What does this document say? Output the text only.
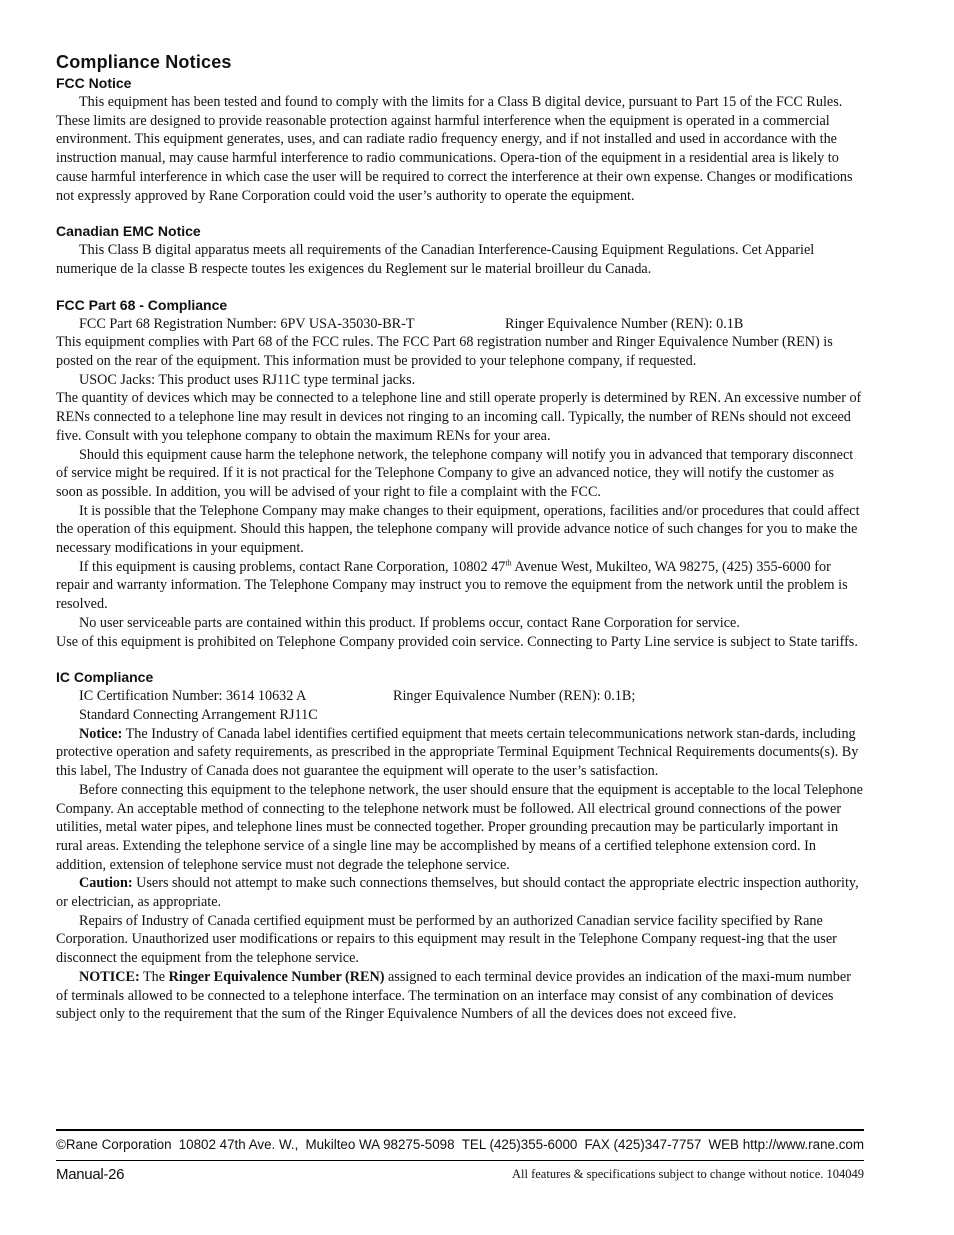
Compliance Notices
FCC Notice

This equipment has been tested and found to comply with the limits for a Class B digital device, pursuant to Part 15 of the FCC Rules. These limits are designed to provide reasonable protection against harmful interference when the equipment is operated in a commercial environment. This equipment generates, uses, and can radiate radio frequency energy, and if not installed and used in accordance with the instruction manual, may cause harmful interference to radio communications. Opera-tion of the equipment in a residential area is likely to cause harmful interference in which case the user will be required to correct the interference at their own expense. Changes or modifications not expressly approved by Rane Corporation could void the user’s authority to operate the equipment.

Canadian EMC Notice

This Class B digital apparatus meets all requirements of the Canadian Interference-Causing Equipment Regulations. Cet Appariel numerique de la classe B respecte toutes les exigences du Reglement sur le material broilleur du Canada.

FCC Part 68 - Compliance

FCC Part 68 Registration Number: 6PV USA-35030-BR-T	Ringer Equivalence Number (REN): 0.1B

This equipment complies with Part 68 of the FCC rules. The FCC Part 68 registration number and Ringer Equivalence Number (REN) is posted on the rear of the equipment. This information must be provided to your telephone company, if requested.

USOC Jacks: This product uses RJ11C type terminal jacks.

The quantity of devices which may be connected to a telephone line and still operate properly is determined by REN. An excessive number of RENs connected to a telephone line may result in devices not ringing to an incoming call. Typically, the number of RENs should not exceed five. Consult with you telephone company to obtain the maximum RENs for your area.

Should this equipment cause harm the telephone network, the telephone company will notify you in advanced that temporary disconnect of service might be required. If it is not practical for the Telephone Company to give an advanced notice, they will notify the customer as soon as possible. In addition, you will be advised of your right to file a complaint with the FCC.

It is possible that the Telephone Company may make changes to their equipment, operations, facilities and/or procedures that could affect the operation of this equipment. Should this happen, the telephone company will provide advance notice of such changes for you to make the necessary modifications in your equipment.

If this equipment is causing problems, contact Rane Corporation, 10802 47th Avenue West, Mukilteo, WA 98275, (425) 355-6000 for repair and warranty information. The Telephone Company may instruct you to remove the equipment from the network until the problem is resolved.

No user serviceable parts are contained within this product. If problems occur, contact Rane Corporation for service.

Use of this equipment is prohibited on Telephone Company provided coin service. Connecting to Party Line service is subject to State tariffs.

IC Compliance

IC Certification Number: 3614 10632 A	Ringer Equivalence Number (REN): 0.1B;

Standard Connecting Arrangement RJ11C

Notice: The Industry of Canada label identifies certified equipment that meets certain telecommunications network stan-dards, including protective operation and safety requirements, as prescribed in the appropriate Terminal Equipment Technical Requirements documents(s). By this label, The Industry of Canada does not guarantee the equipment will operate to the user’s satisfaction.

Before connecting this equipment to the telephone network, the user should ensure that the equipment is acceptable to the local Telephone Company. An acceptable method of connecting to the telephone network must be followed. All electrical ground connections of the power utilities, metal water pipes, and telephone lines must be connected together. Proper grounding precaution may be particularly important in rural areas. Extending the telephone service of a single line may be accomplished by means of a certified telephone extension cord. In addition, extension of telephone service must not degrade the telephone service.

Caution: Users should not attempt to make such connections themselves, but should contact the appropriate electric inspection authority, or electrician, as appropriate.

Repairs of Industry of Canada certified equipment must be performed by an authorized Canadian service facility specified by Rane Corporation. Unauthorized user modifications or repairs to this equipment may result in the Telephone Company request-ing that the user disconnect the equipment from the telephone service.

NOTICE: The Ringer Equivalence Number (REN) assigned to each terminal device provides an indication of the maxi-mum number of terminals allowed to be connected to a telephone interface. The termination on an interface may consist of any combination of devices subject only to the requirement that the sum of the Ringer Equivalence Numbers of all the devices does not exceed five.

©Rane Corporation 10802 47th Ave. W., Mukilteo WA 98275-5098 TEL (425)355-6000 FAX (425)347-7757 WEB http://www.rane.com
Manual-26	All features & specifications subject to change without notice. 104049
